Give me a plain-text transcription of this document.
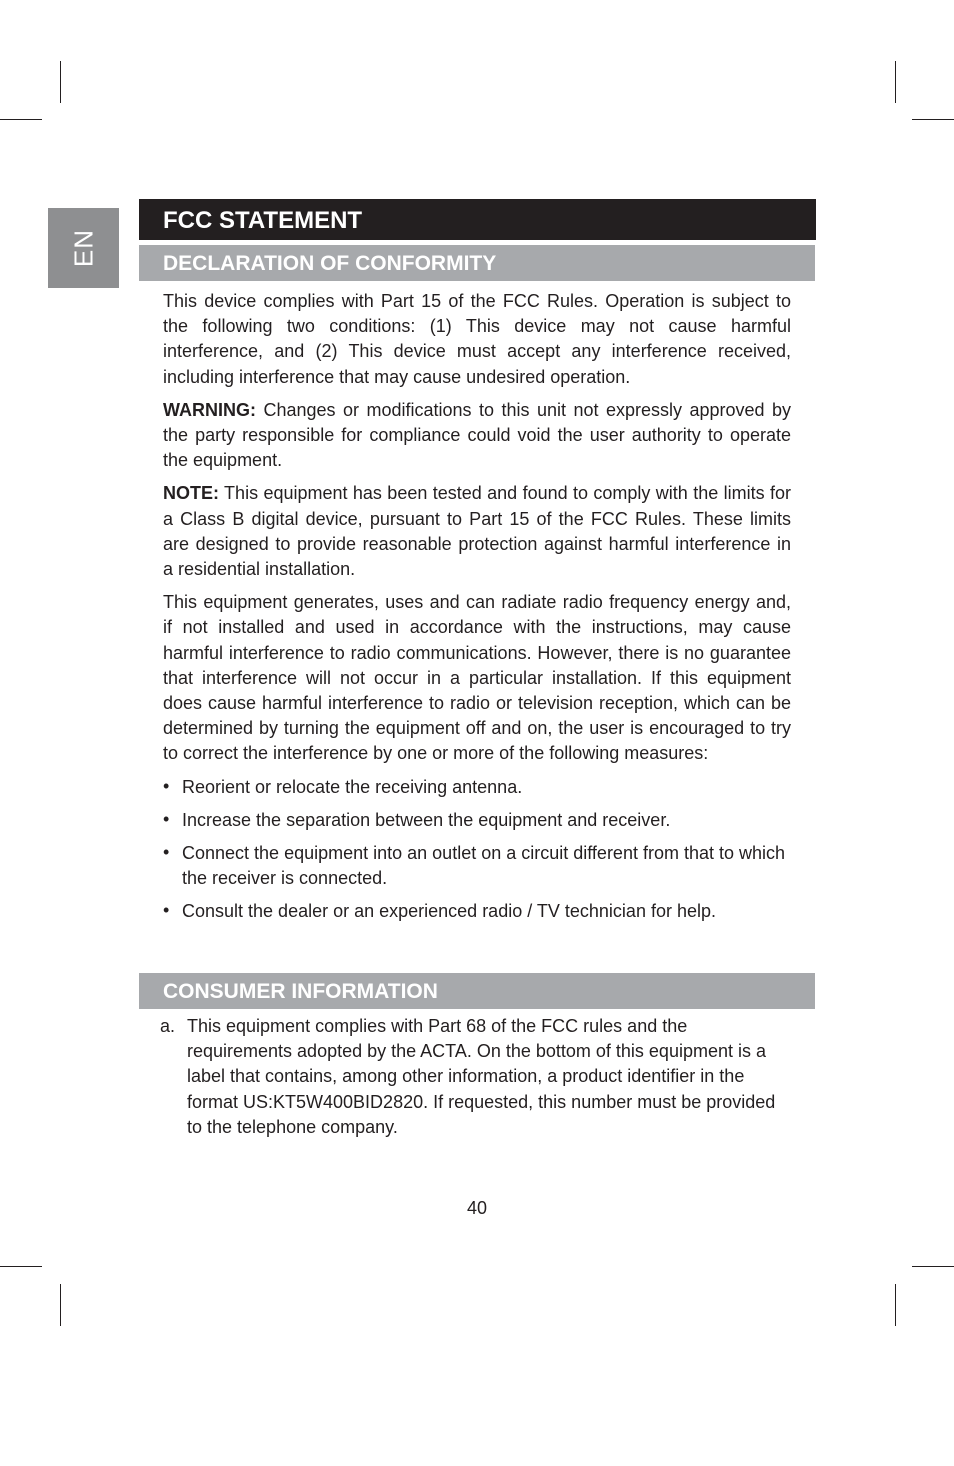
EN
FCC STATEMENT
DECLARATION OF CONFORMITY

This device complies with Part 15 of the FCC Rules. Operation is subject to the following two conditions: (1) This device may not cause harmful interference, and (2) This device must accept any interference received, including interference that may cause undesired operation.

WARNING: Changes or modifications to this unit not expressly approved by the party responsible for compliance could void the user authority to operate the equipment.

NOTE: This equipment has been tested and found to comply with the limits for a Class B digital device, pursuant to Part 15 of the FCC Rules. These limits are designed to provide reasonable protection against harmful interference in a residential installation.

This equipment generates, uses and can radiate radio frequency energy and, if not installed and used in accordance with the instructions, may cause harmful interference to radio communications. However, there is no guarantee that interference will not occur in a particular installation. If this equipment does cause harmful interference to radio or television reception, which can be determined by turning the equipment off and on, the user is encouraged to try to correct the interference by one or more of the following measures:

• Reorient or relocate the receiving antenna.
• Increase the separation between the equipment and receiver.
• Connect the equipment into an outlet on a circuit different from that to which the receiver is connected.
• Consult the dealer or an experienced radio / TV technician for help.
CONSUMER INFORMATION
a. This equipment complies with Part 68 of the FCC rules and the requirements adopted by the ACTA. On the bottom of this equipment is a label that contains, among other information, a product identifier in the format US:KT5W400BID2820. If requested, this number must be provided to the telephone company.
40
